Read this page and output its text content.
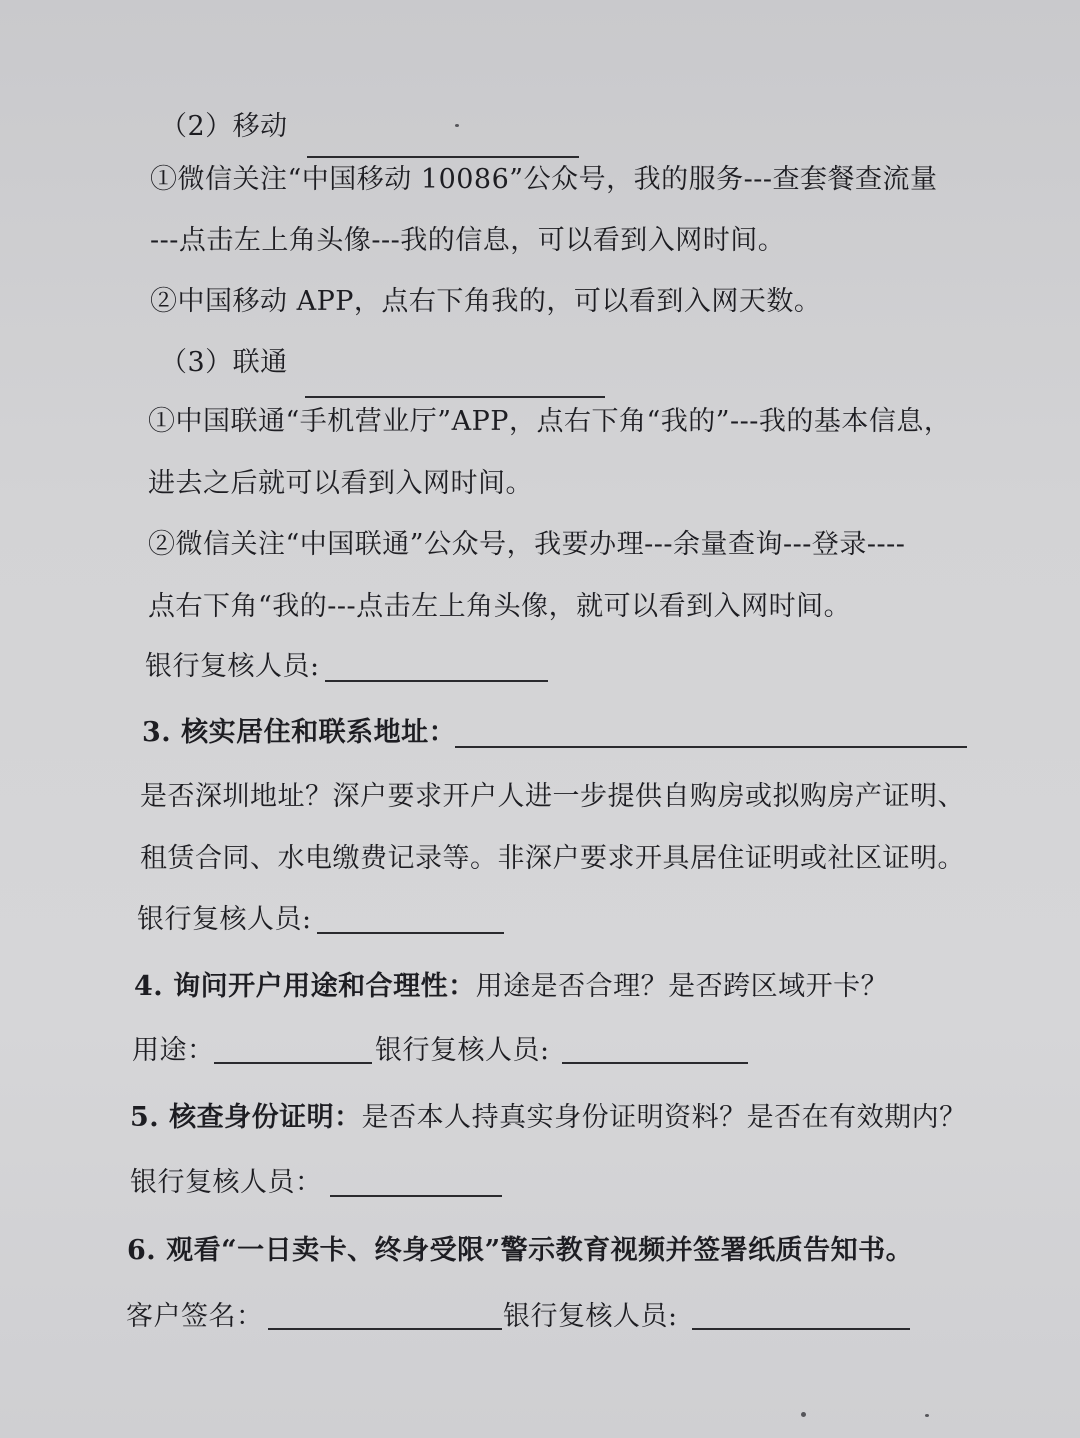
（2）移动
①微信关注“中国移动 10086”公众号，我的服务---查套餐查流量
---点击左上角头像---我的信息，可以看到入网时间。
②中国移动 APP，点右下角我的，可以看到入网天数。
（3）联通
①中国联通“手机营业厅”APP，点右下角“我的”---我的基本信息，
进去之后就可以看到入网时间。
②微信关注“中国联通”公众号，我要办理---余量查询---登录----
点右下角“我的---点击左上角头像，就可以看到入网时间。
银行复核人员:
3. 核实居住和联系地址：
是否深圳地址？深户要求开户人进一步提供自购房或拟购房产证明、
租赁合同、水电缴费记录等。非深户要求开具居住证明或社区证明。
银行复核人员:
4. 询问开户用途和合理性：用途是否合理？是否跨区域开卡？
用途：	银行复核人员:
5. 核查身份证明：是否本人持真实身份证明资料？是否在有效期内？
银行复核人员：
6. 观看“一日卖卡、终身受限”警示教育视频并签署纸质告知书。
客户签名：	银行复核人员:
